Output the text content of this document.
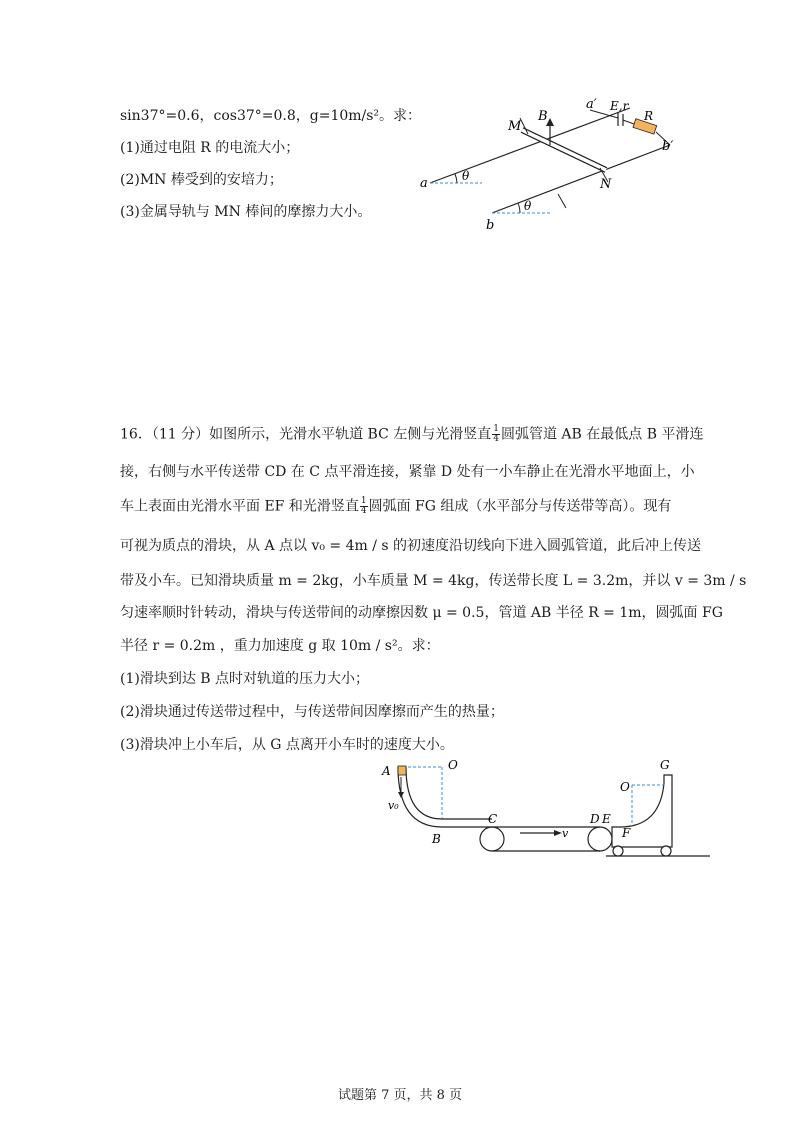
sin37°=0.6，cos37°=0.8，g=10m/s²。求：
(1)通过电阻 R 的电流大小；
(2)MN 棒受到的安培力；
(3)金属导轨与 MN 棒间的摩擦力大小。
a
b
a′
b′
M
N
B
E,r
R
θ
θ
16．（11 分）如图所示，光滑水平轨道 BC 左侧与光滑竖直 $\frac{1}{4}$ 圆弧管道 AB 在最低点 B 平滑连
接，右侧与水平传送带 CD 在 C 点平滑连接，紧靠 D 处有一小车静止在光滑水平地面上，小
车上表面由光滑水平面 EF 和光滑竖直 $\frac{1}{4}$ 圆弧面 FG 组成（水平部分与传送带等高）。现有
可视为质点的滑块，从 A 点以 v₀ = 4m / s 的初速度沿切线向下进入圆弧管道，此后冲上传送
带及小车。已知滑块质量 m = 2kg，小车质量 M = 4kg，传送带长度 L = 3.2m，并以 v = 3m / s
匀速率顺时针转动，滑块与传送带间的动摩擦因数 μ = 0.5，管道 AB 半径 R = 1m，圆弧面 FG
半径 r = 0.2m ，重力加速度 g 取 10m / s²。求：
(1)滑块到达 B 点时对轨道的压力大小；
(2)滑块通过传送带过程中，与传送带间因摩擦而产生的热量；
(3)滑块冲上小车后，从 G 点离开小车时的速度大小。
A	O
v₀
B
C
v
D E
F
O
G
试题第 7 页，共 8 页
